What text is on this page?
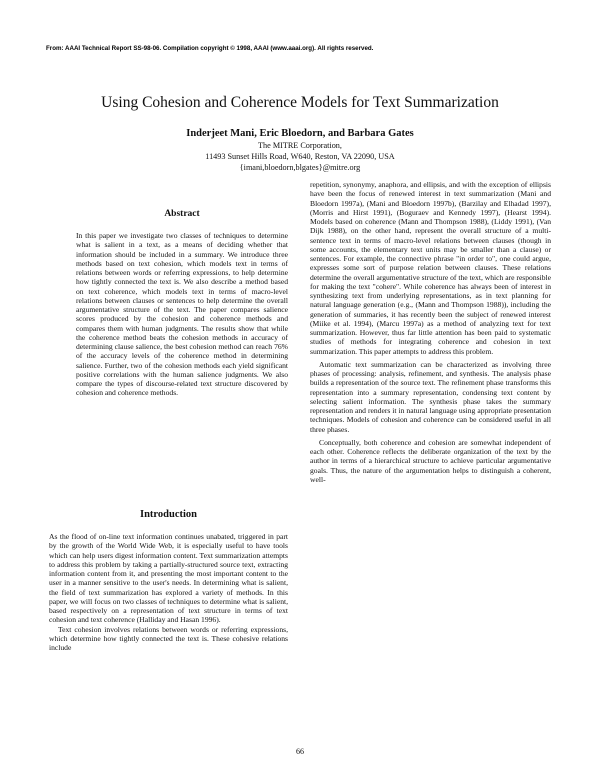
From: AAAI Technical Report SS-98-06. Compilation copyright © 1998, AAAI (www.aaai.org). All rights reserved.
Using Cohesion and Coherence Models for Text Summarization
Inderjeet Mani, Eric Bloedorn, and Barbara Gates
The MITRE Corporation,
11493 Sunset Hills Road, W640, Reston, VA 22090, USA
{imani,bloedorn,blgates}@mitre.org
Abstract

In this paper we investigate two classes of techniques to determine what is salient in a text, as a means of deciding whether that information should be included in a summary. We introduce three methods based on text cohesion, which models text in terms of relations between words or referring expressions, to help determine how tightly connected the text is. We also describe a method based on text coherence, which models text in terms of macro-level relations between clauses or sentences to help determine the overall argumentative structure of the text. The paper compares salience scores produced by the cohesion and coherence methods and compares them with human judgments. The results show that while the coherence method beats the cohesion methods in accuracy of determining clause salience, the best cohesion method can reach 76% of the accuracy levels of the coherence method in determining salience. Further, two of the cohesion methods each yield significant positive correlations with the human salience judgments. We also compare the types of discourse-related text structure discovered by cohesion and coherence methods.

Introduction

As the flood of on-line text information continues unabated, triggered in part by the growth of the World Wide Web, it is especially useful to have tools which can help users digest information content. Text summarization attempts to address this problem by taking a partially-structured source text, extracting information content from it, and presenting the most important content to the user in a manner sensitive to the user's needs. In determining what is salient, the field of text summarization has explored a variety of methods. In this paper, we will focus on two classes of techniques to determine what is salient, based respectively on a representation of text structure in terms of text cohesion and text coherence (Halliday and Hasan 1996).

Text cohesion involves relations between words or referring expressions, which determine how tightly connected the text is. These cohesive relations include

repetition, synonymy, anaphora, and ellipsis, and with the exception of ellipsis have been the focus of renewed interest in text summarization (Mani and Bloedorn 1997a), (Mani and Bloedorn 1997b), (Barzilay and Elhadad 1997), (Morris and Hirst 1991), (Boguraev and Kennedy 1997), (Hearst 1994). Models based on coherence (Mann and Thompson 1988), (Liddy 1991), (Van Dijk 1988), on the other hand, represent the overall structure of a multi-sentence text in terms of macro-level relations between clauses (though in some accounts, the elementary text units may be smaller than a clause) or sentences. For example, the connective phrase "in order to", one could argue, expresses some sort of purpose relation between clauses. These relations determine the overall argumentative structure of the text, which are responsible for making the text "cohere". While coherence has always been of interest in synthesizing text from underlying representations, as in text planning for natural language generation (e.g., (Mann and Thompson 1988)), including the generation of summaries, it has recently been the subject of renewed interest (Miike et al. 1994), (Marcu 1997a) as a method of analyzing text for text summarization. However, thus far little attention has been paid to systematic studies of methods for integrating coherence and cohesion in text summarization. This paper attempts to address this problem.

Automatic text summarization can be characterized as involving three phases of processing: analysis, refinement, and synthesis. The analysis phase builds a representation of the source text. The refinement phase transforms this representation into a summary representation, condensing text content by selecting salient information. The synthesis phase takes the summary representation and renders it in natural language using appropriate presentation techniques. Models of cohesion and coherence can be considered useful in all three phases.

Conceptually, both coherence and cohesion are somewhat independent of each other. Coherence reflects the deliberate organization of the text by the author in terms of a hierarchical structure to achieve particular argumentative goals. Thus, the nature of the argumentation helps to distinguish a coherent, well-

66
